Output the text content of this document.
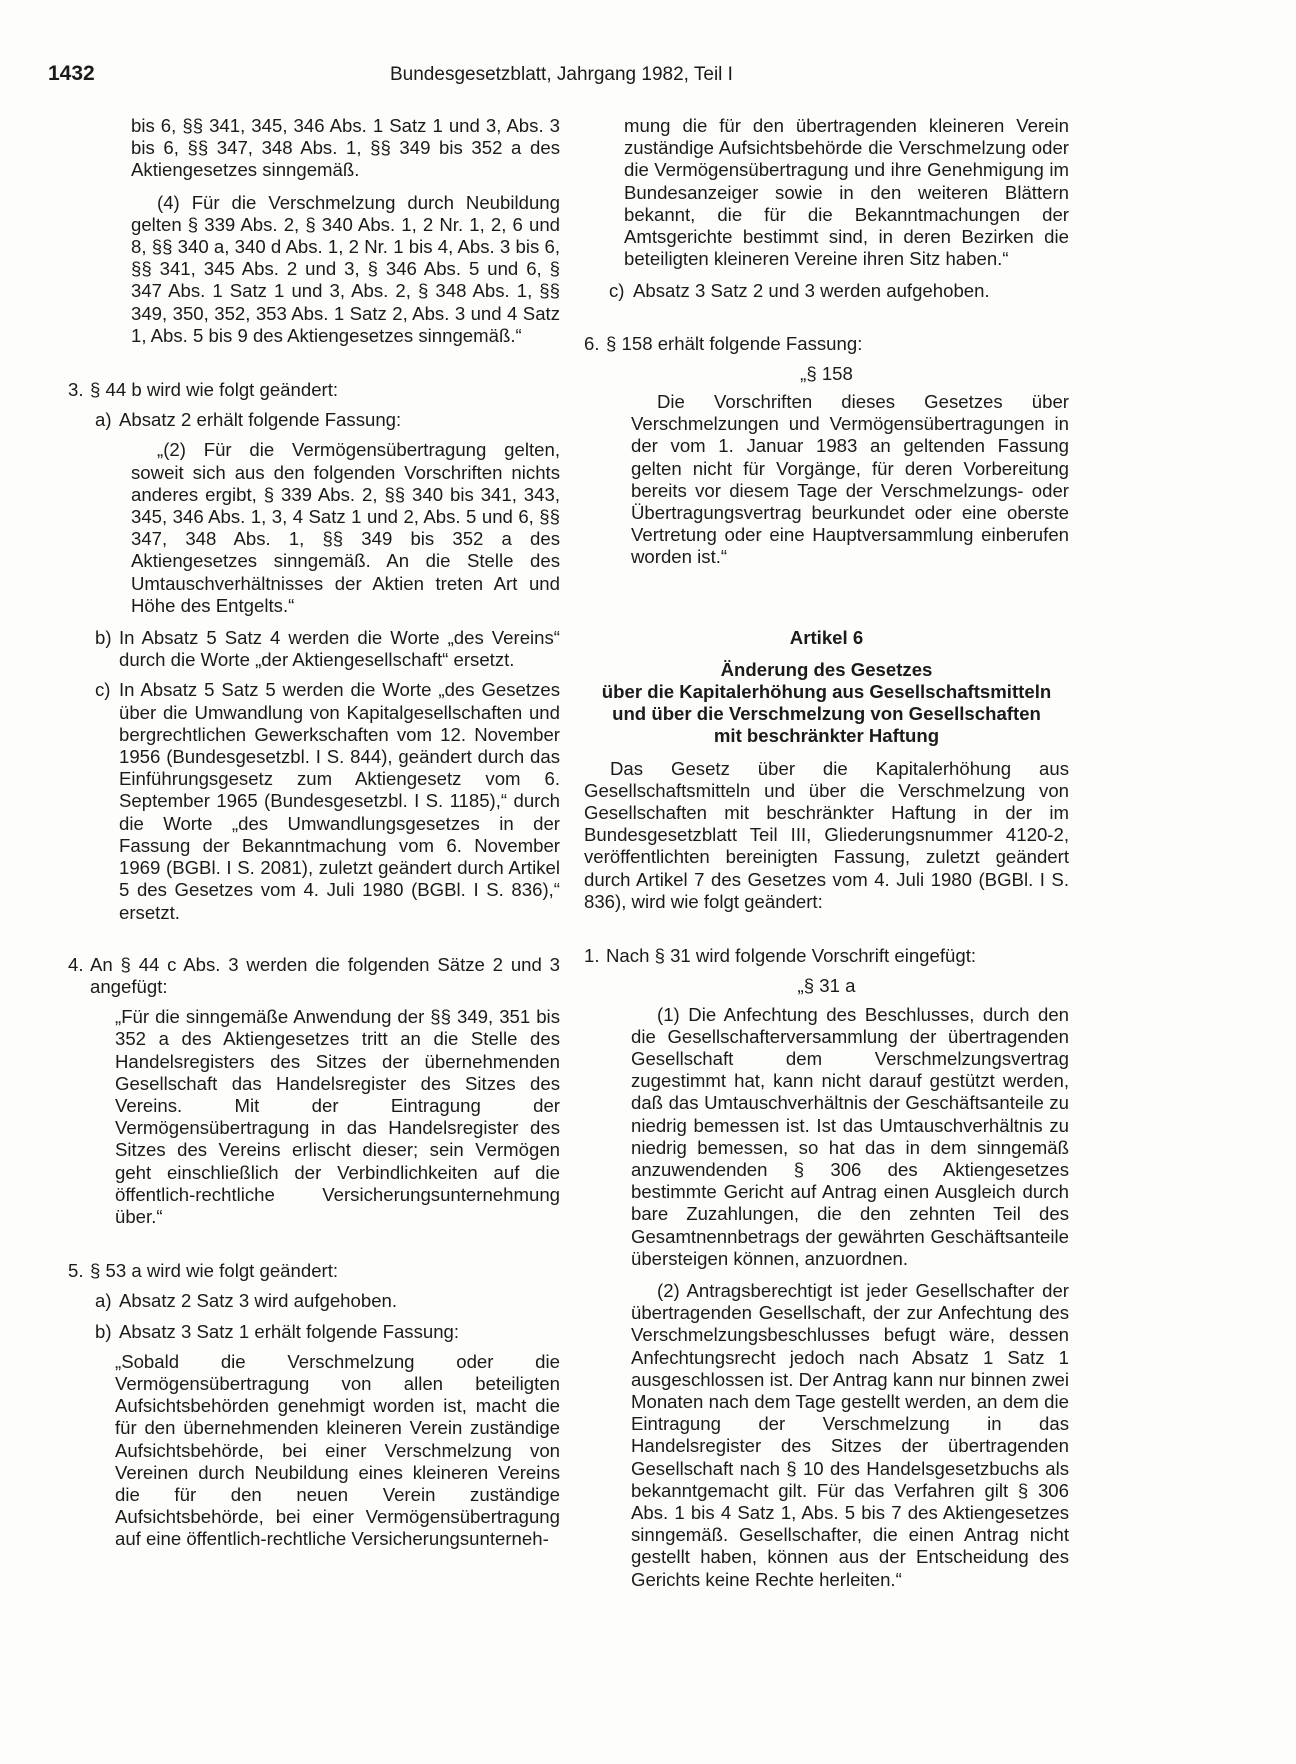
1432	Bundesgesetzblatt, Jahrgang 1982, Teil I

bis 6, §§ 341, 345, 346 Abs. 1 Satz 1 und 3, Abs. 3 bis 6, §§ 347, 348 Abs. 1, §§ 349 bis 352 a des Aktiengesetzes sinngemäß.

(4) Für die Verschmelzung durch Neubildung gelten § 339 Abs. 2, § 340 Abs. 1, 2 Nr. 1, 2, 6 und 8, §§ 340 a, 340 d Abs. 1, 2 Nr. 1 bis 4, Abs. 3 bis 6, §§ 341, 345 Abs. 2 und 3, § 346 Abs. 5 und 6, § 347 Abs. 1 Satz 1 und 3, Abs. 2, § 348 Abs. 1, §§ 349, 350, 352, 353 Abs. 1 Satz 2, Abs. 3 und 4 Satz 1, Abs. 5 bis 9 des Aktiengesetzes sinngemäß.“

3. § 44 b wird wie folgt geändert:
a) Absatz 2 erhält folgende Fassung:

„(2) Für die Vermögensübertragung gelten, soweit sich aus den folgenden Vorschriften nichts anderes ergibt, § 339 Abs. 2, §§ 340 bis 341, 343, 345, 346 Abs. 1, 3, 4 Satz 1 und 2, Abs. 5 und 6, §§ 347, 348 Abs. 1, §§ 349 bis 352 a des Aktiengesetzes sinngemäß. An die Stelle des Umtauschverhältnisses der Aktien treten Art und Höhe des Entgelts.“

b) In Absatz 5 Satz 4 werden die Worte „des Vereins“ durch die Worte „der Aktiengesellschaft“ ersetzt.
c) In Absatz 5 Satz 5 werden die Worte „des Gesetzes über die Umwandlung von Kapitalgesellschaften und bergrechtlichen Gewerkschaften vom 12. November 1956 (Bundesgesetzbl. I S. 844), geändert durch das Einführungsgesetz zum Aktiengesetz vom 6. September 1965 (Bundesgesetzbl. I S. 1185),“ durch die Worte „des Umwandlungsgesetzes in der Fassung der Bekanntmachung vom 6. November 1969 (BGBl. I S. 2081), zuletzt geändert durch Artikel 5 des Gesetzes vom 4. Juli 1980 (BGBl. I S. 836),“ ersetzt.
4. An § 44 c Abs. 3 werden die folgenden Sätze 2 und 3 angefügt:

„Für die sinngemäße Anwendung der §§ 349, 351 bis 352 a des Aktiengesetzes tritt an die Stelle des Handelsregisters des Sitzes der übernehmenden Gesellschaft das Handelsregister des Sitzes des Vereins. Mit der Eintragung der Vermögensübertragung in das Handelsregister des Sitzes des Vereins erlischt dieser; sein Vermögen geht einschließlich der Verbindlichkeiten auf die öffentlich-rechtliche Versicherungsunternehmung über.“

5. § 53 a wird wie folgt geändert:
a) Absatz 2 Satz 3 wird aufgehoben.
b) Absatz 3 Satz 1 erhält folgende Fassung:

„Sobald die Verschmelzung oder die Vermögensübertragung von allen beteiligten Aufsichtsbehörden genehmigt worden ist, macht die für den übernehmenden kleineren Verein zuständige Aufsichtsbehörde, bei einer Verschmelzung von Vereinen durch Neubildung eines kleineren Vereins die für den neuen Verein zuständige Aufsichtsbehörde, bei einer Vermögensübertragung auf eine öffentlich-rechtliche Versicherungsunterneh-

mung die für den übertragenden kleineren Verein zuständige Aufsichtsbehörde die Verschmelzung oder die Vermögensübertragung und ihre Genehmigung im Bundesanzeiger sowie in den weiteren Blättern bekannt, die für die Bekanntmachungen der Amtsgerichte bestimmt sind, in deren Bezirken die beteiligten kleineren Vereine ihren Sitz haben.“

c) Absatz 3 Satz 2 und 3 werden aufgehoben.
6. § 158 erhält folgende Fassung:

„§ 158

Die Vorschriften dieses Gesetzes über Verschmelzungen und Vermögensübertragungen in der vom 1. Januar 1983 an geltenden Fassung gelten nicht für Vorgänge, für deren Vorbereitung bereits vor diesem Tage der Verschmelzungs- oder Übertragungsvertrag beurkundet oder eine oberste Vertretung oder eine Hauptversammlung einberufen worden ist.“

Artikel 6

Änderung des Gesetzes

über die Kapitalerhöhung aus Gesellschaftsmitteln

und über die Verschmelzung von Gesellschaften

mit beschränkter Haftung

Das Gesetz über die Kapitalerhöhung aus Gesellschaftsmitteln und über die Verschmelzung von Gesellschaften mit beschränkter Haftung in der im Bundesgesetzblatt Teil III, Gliederungsnummer 4120-2, veröffentlichten bereinigten Fassung, zuletzt geändert durch Artikel 7 des Gesetzes vom 4. Juli 1980 (BGBl. I S. 836), wird wie folgt geändert:

1. Nach § 31 wird folgende Vorschrift eingefügt:

„§ 31 a

(1) Die Anfechtung des Beschlusses, durch den die Gesellschafterversammlung der übertragenden Gesellschaft dem Verschmelzungsvertrag zugestimmt hat, kann nicht darauf gestützt werden, daß das Umtauschverhältnis der Geschäftsanteile zu niedrig bemessen ist. Ist das Umtauschverhältnis zu niedrig bemessen, so hat das in dem sinngemäß anzuwendenden § 306 des Aktiengesetzes bestimmte Gericht auf Antrag einen Ausgleich durch bare Zuzahlungen, die den zehnten Teil des Gesamtnennbetrags der gewährten Geschäftsanteile übersteigen können, anzuordnen.

(2) Antragsberechtigt ist jeder Gesellschafter der übertragenden Gesellschaft, der zur Anfechtung des Verschmelzungsbeschlusses befugt wäre, dessen Anfechtungsrecht jedoch nach Absatz 1 Satz 1 ausgeschlossen ist. Der Antrag kann nur binnen zwei Monaten nach dem Tage gestellt werden, an dem die Eintragung der Verschmelzung in das Handelsregister des Sitzes der übertragenden Gesellschaft nach § 10 des Handelsgesetzbuchs als bekanntgemacht gilt. Für das Verfahren gilt § 306 Abs. 1 bis 4 Satz 1, Abs. 5 bis 7 des Aktiengesetzes sinngemäß. Gesellschafter, die einen Antrag nicht gestellt haben, können aus der Entscheidung des Gerichts keine Rechte herleiten.“
